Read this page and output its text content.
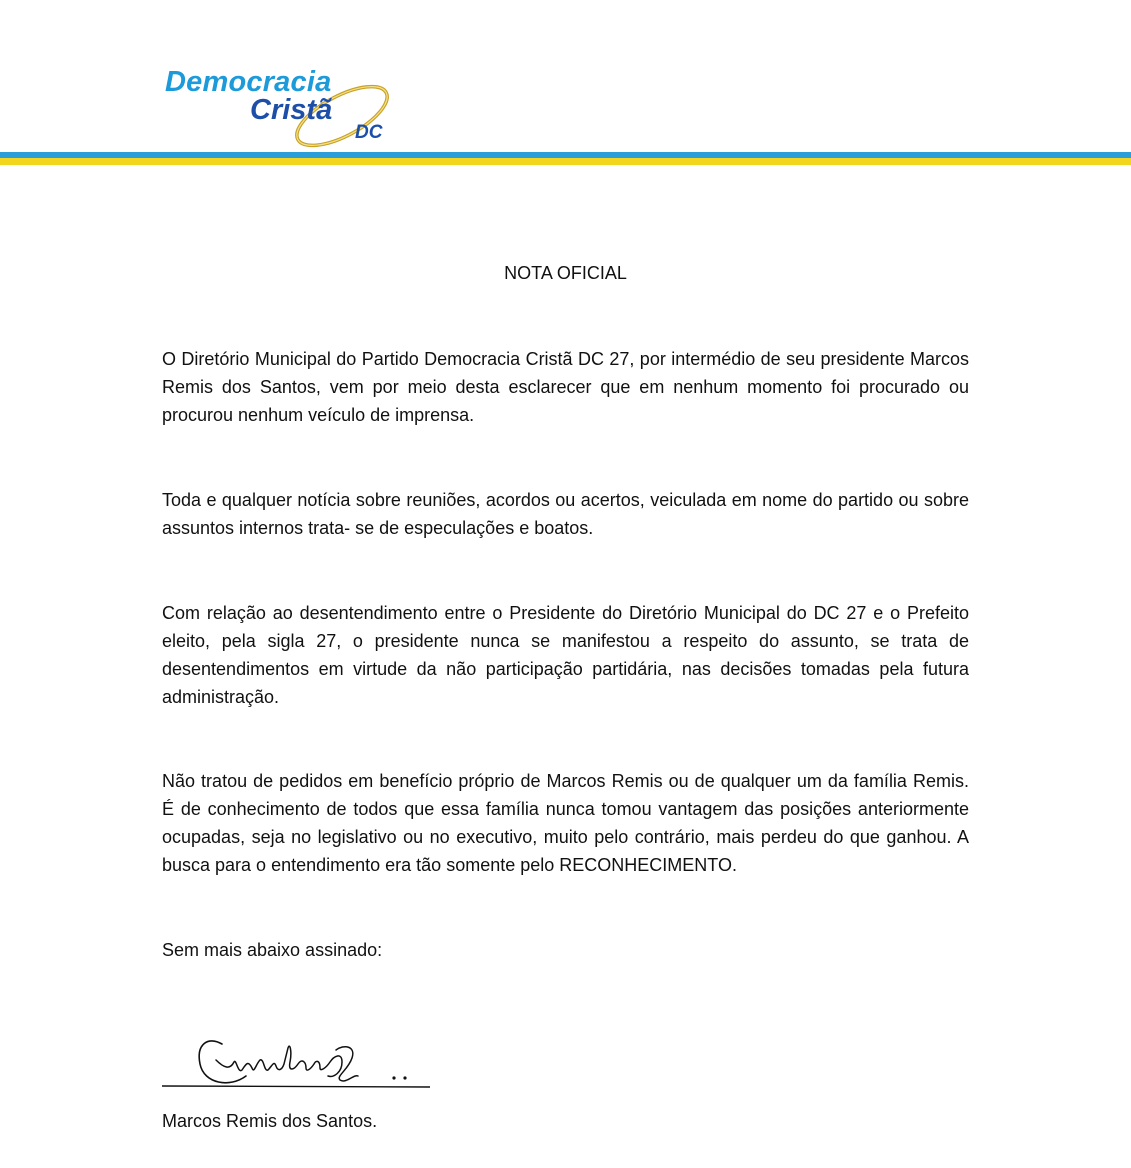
Democracia
Cristã
DC
NOTA OFICIAL
O Diretório Municipal do Partido Democracia Cristã DC 27, por intermédio de seu presidente Marcos Remis dos Santos, vem por meio desta esclarecer que em nenhum momento foi procurado ou procurou nenhum veículo de imprensa.
Toda e qualquer notícia sobre reuniões, acordos ou acertos, veiculada em nome do partido ou sobre assuntos internos trata- se de especulações e boatos.
Com relação ao desentendimento entre o Presidente do Diretório Municipal do DC 27 e o Prefeito eleito, pela sigla 27, o presidente nunca se manifestou a respeito do assunto, se trata de desentendimentos em virtude da não participação partidária, nas decisões tomadas pela futura administração.
Não tratou de pedidos em benefício próprio de Marcos Remis ou de qualquer um da família Remis. É de conhecimento de todos que essa família nunca tomou vantagem das posições anteriormente ocupadas, seja no legislativo ou no executivo, muito pelo contrário, mais perdeu do que ganhou. A busca para o entendimento era tão somente pelo RECONHECIMENTO.
Sem mais abaixo assinado:
Marcos Remis dos Santos.
